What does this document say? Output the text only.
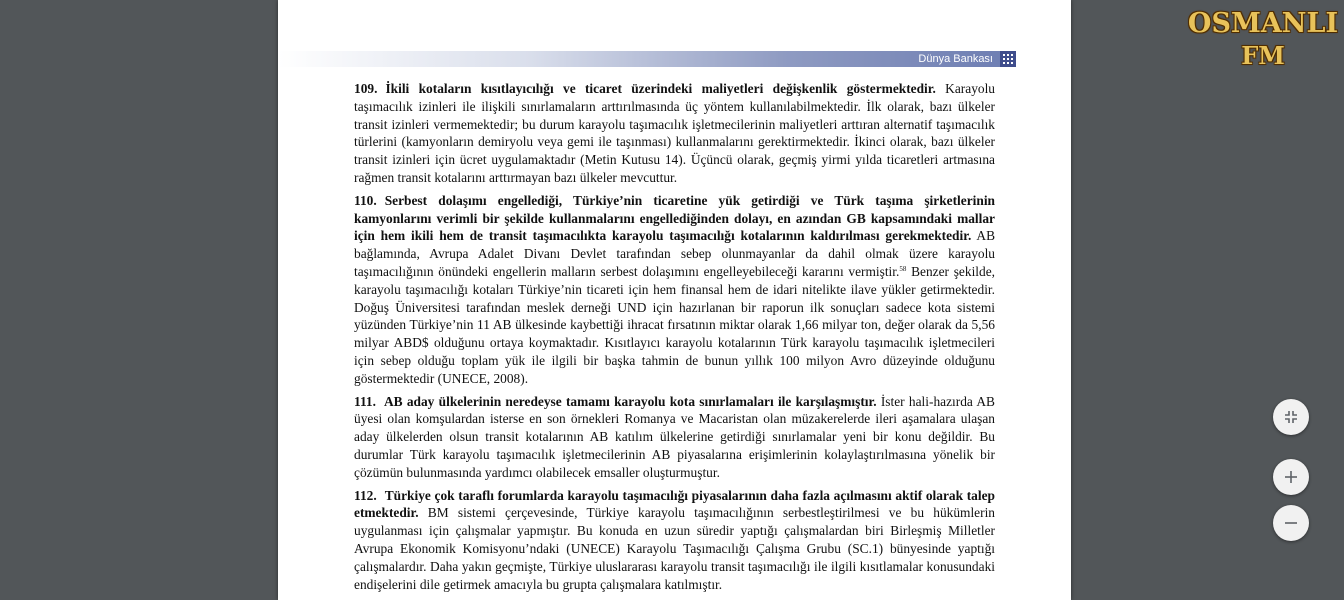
Dünya Bankası

109. İkili kotaların kısıtlayıcılığı ve ticaret üzerindeki maliyetleri değişkenlik göstermektedir. Karayolu taşımacılık izinleri ile ilişkili sınırlamaların arttırılmasında üç yöntem kullanılabilmektedir. İlk olarak, bazı ülkeler transit izinleri vermemektedir; bu durum karayolu taşımacılık işletmecilerinin maliyetleri arttıran alternatif taşımacılık türlerini (kamyonların demiryolu veya gemi ile taşınması) kullanmalarını gerektirmektedir. İkinci olarak, bazı ülkeler transit izinleri için ücret uygulamaktadır (Metin Kutusu 14). Üçüncü olarak, geçmiş yirmi yılda ticaretleri artmasına rağmen transit kotalarını arttırmayan bazı ülkeler mevcuttur.

110. Serbest dolaşımı engellediği, Türkiye’nin ticaretine yük getirdiği ve Türk taşıma şirketlerinin kamyonlarını verimli bir şekilde kullanmalarını engellediğinden dolayı, en azından GB kapsamındaki mallar için hem ikili hem de transit taşımacılıkta karayolu taşımacılığı kotalarının kaldırılması gerekmektedir. AB bağlamında, Avrupa Adalet Divanı Devlet tarafından sebep olunmayanlar da dahil olmak üzere karayolu taşımacılığının önündeki engellerin malların serbest dolaşımını engelleyebileceği kararını vermiştir.$^{58}$ Benzer şekilde, karayolu taşımacılığı kotaları Türkiye’nin ticareti için hem finansal hem de idari nitelikte ilave yükler getirmektedir. Doğuş Üniversitesi tarafından meslek derneği UND için hazırlanan bir raporun ilk sonuçları sadece kota sistemi yüzünden Türkiye’nin 11 AB ülkesinde kaybettiği ihracat fırsatının miktar olarak 1,66 milyar ton, değer olarak da 5,56 milyar ABD$ olduğunu ortaya koymaktadır. Kısıtlayıcı karayolu kotalarının Türk karayolu taşımacılık işletmecileri için sebep olduğu toplam yük ile ilgili bir başka tahmin de bunun yıllık 100 milyon Avro düzeyinde olduğunu göstermektedir (UNECE, 2008).

111. AB aday ülkelerinin neredeyse tamamı karayolu kota sınırlamaları ile karşılaşmıştır. İster hali-hazırda AB üyesi olan komşulardan isterse en son örnekleri Romanya ve Macaristan olan müzakerelerde ileri aşamalara ulaşan aday ülkelerden olsun transit kotalarının AB katılım ülkelerine getirdiği sınırlamalar yeni bir konu değildir. Bu durumlar Türk karayolu taşımacılık işletmecilerinin AB piyasalarına erişimlerinin kolaylaştırılmasına yönelik bir çözümün bulunmasında yardımcı olabilecek emsaller oluşturmuştur.

112. Türkiye çok taraflı forumlarda karayolu taşımacılığı piyasalarının daha fazla açılmasını aktif olarak talep etmektedir. BM sistemi çerçevesinde, Türkiye karayolu taşımacılığının serbestleştirilmesi ve bu hükümlerin uygulanması için çalışmalar yapmıştır. Bu konuda en uzun süredir yaptığı çalışmalardan biri Birleşmiş Milletler Avrupa Ekonomik Komisyonu’ndaki (UNECE) Karayolu Taşımacılığı Çalışma Grubu (SC.1) bünyesinde yaptığı çalışmalardır. Daha yakın geçmişte, Türkiye uluslararası karayolu transit taşımacılığı ile ilgili kısıtlamalar konusundaki endişelerini dile getirmek amacıyla bu grupta çalışmalara katılmıştır.

OSMANLI
FM
